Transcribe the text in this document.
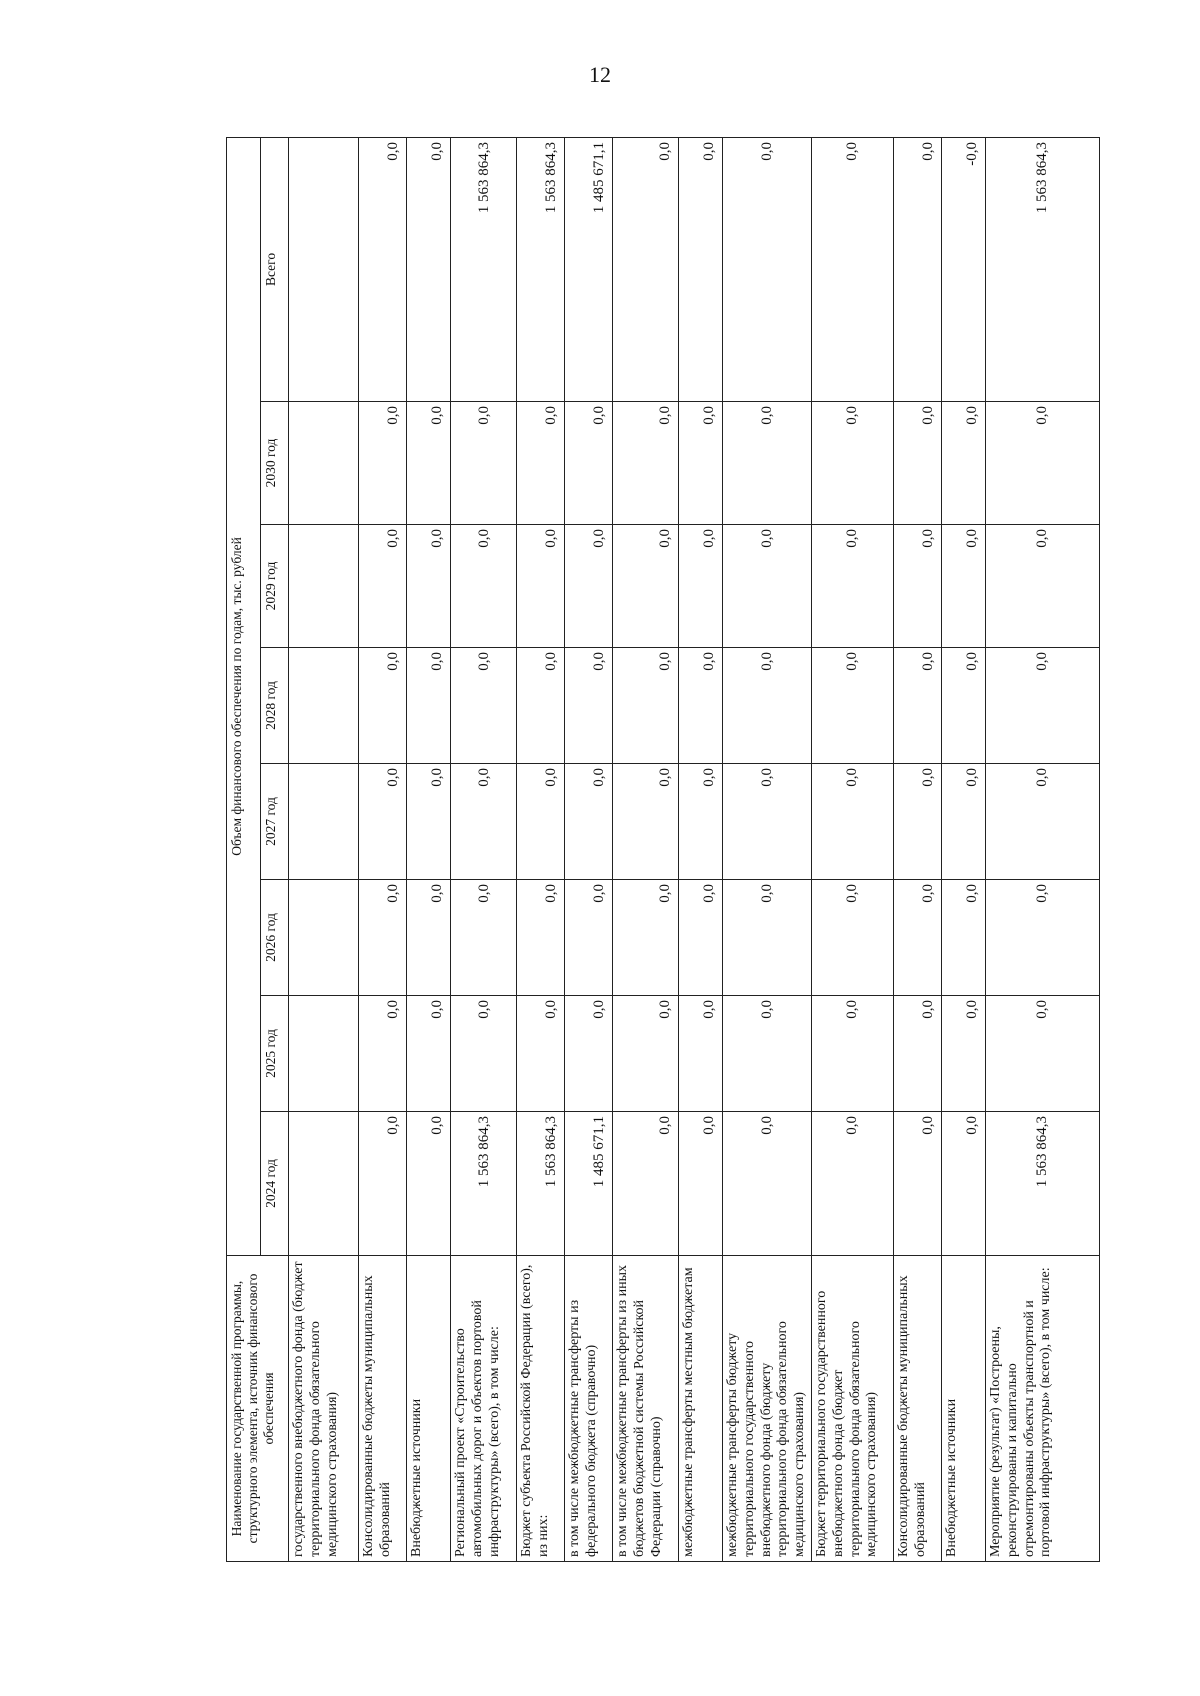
12
Наименование государственной программы, структурного элемента, источник финансового обеспечения	Объем финансового обеспечения по годам, тыс. рублей							
	2024 год	2025 год	2026 год	2027 год	2028 год	2029 год	2030 год	Всего
государственного внебюджетного фонда (бюджет территориального фонда обязательного медицинского страхования)								
Консолидированные бюджеты муниципальных образований	0,0	0,0	0,0	0,0	0,0	0,0	0,0	0,0
Внебюджетные источники	0,0	0,0	0,0	0,0	0,0	0,0	0,0	0,0
Региональный проект «Строительство автомобильных дорог и объектов портовой инфраструктуры» (всего), в том числе:	1 563 864,3	0,0	0,0	0,0	0,0	0,0	0,0	1 563 864,3
Бюджет субъекта Российской Федерации (всего), из них:	1 563 864,3	0,0	0,0	0,0	0,0	0,0	0,0	1 563 864,3
в том числе межбюджетные трансферты из федерального бюджета (справочно)	1 485 671,1	0,0	0,0	0,0	0,0	0,0	0,0	1 485 671,1
в том числе межбюджетные трансферты из иных бюджетов бюджетной системы Российской Федерации (справочно)	0,0	0,0	0,0	0,0	0,0	0,0	0,0	0,0
межбюджетные трансферты местным бюджетам	0,0	0,0	0,0	0,0	0,0	0,0	0,0	0,0
межбюджетные трансферты бюджету территориального государственного внебюджетного фонда (бюджету территориального фонда обязательного медицинского страхования)	0,0	0,0	0,0	0,0	0,0	0,0	0,0	0,0
Бюджет территориального государственного внебюджетного фонда (бюджет территориального фонда обязательного медицинского страхования)	0,0	0,0	0,0	0,0	0,0	0,0	0,0	0,0
Консолидированные бюджеты муниципальных образований	0,0	0,0	0,0	0,0	0,0	0,0	0,0	0,0
Внебюджетные источники	0,0	0,0	0,0	0,0	0,0	0,0	0,0	-0,0
Мероприятие (результат) «Построены, реконструированы и капитально отремонтированы объекты транспортной и портовой инфраструктуры» (всего), в том числе:	1 563 864,3	0,0	0,0	0,0	0,0	0,0	0,0	1 563 864,3
